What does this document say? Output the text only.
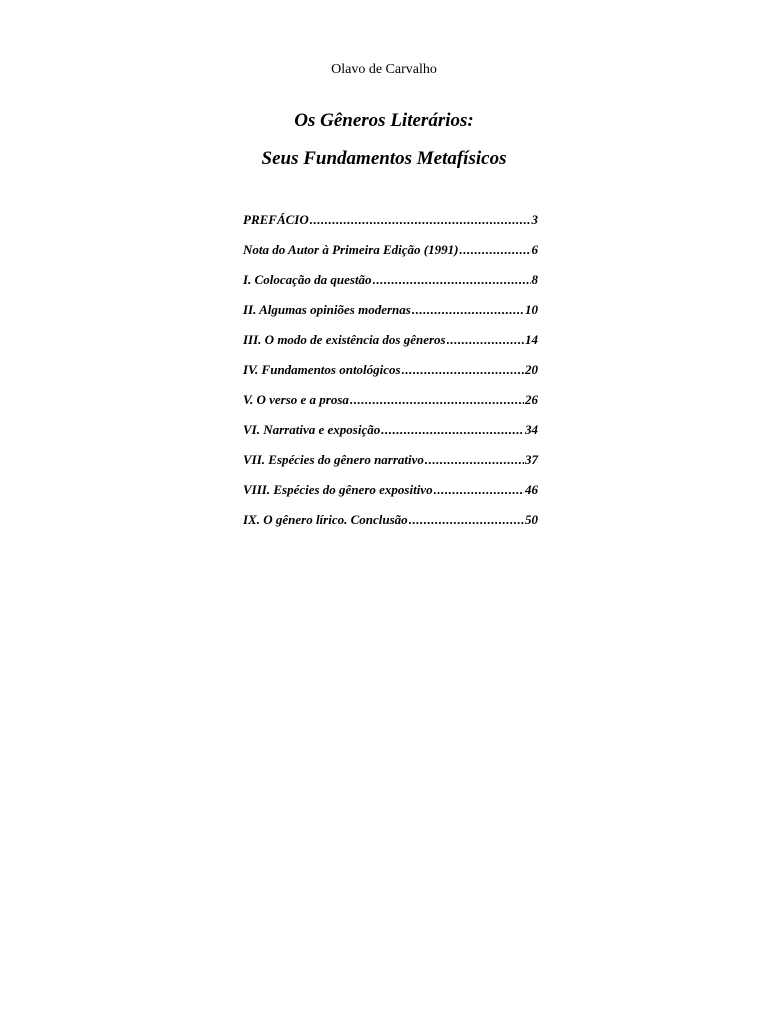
Olavo de Carvalho
Os Gêneros Literários:
Seus Fundamentos Metafísicos
PREFÁCIO .....	3
Nota do Autor à Primeira Edição (1991) .....	6
I. Colocação da questão .....	8
II. Algumas opiniões modernas .....	10
III. O modo de existência dos gêneros .....	14
IV. Fundamentos ontológicos .....	20
V. O verso e a prosa .....	26
VI. Narrativa e exposição .....	34
VII. Espécies do gênero narrativo .....	37
VIII. Espécies do gênero expositivo .....	46
IX. O gênero lírico. Conclusão .....	50
